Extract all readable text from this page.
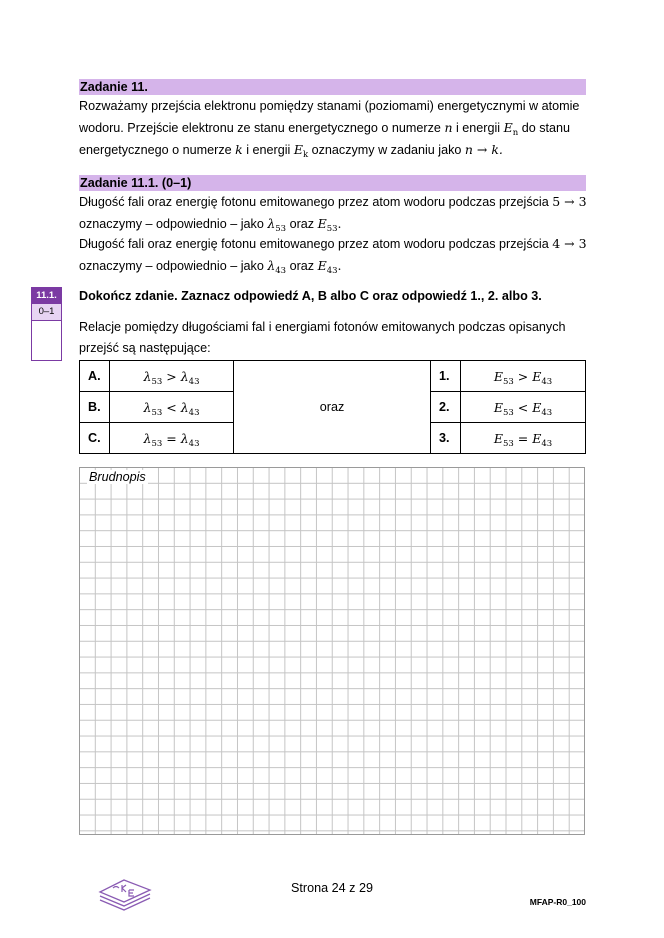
Zadanie 11.
Rozważamy przejścia elektronu pomiędzy stanami (poziomami) energetycznymi w atomie
wodoru. Przejście elektronu ze stanu energetycznego o numerze n i energii $E_n$ do stanu
energetycznego o numerze k i energii $E_k$ oznaczymy w zadaniu jako n → k.
Zadanie 11.1. (0–1)
Długość fali oraz energię fotonu emitowanego przez atom wodoru podczas przejścia 5 → 3
oznaczymy – odpowiednio – jako $\lambda_{53}$ oraz $E_{53}$.
Długość fali oraz energię fotonu emitowanego przez atom wodoru podczas przejścia 4 → 3
oznaczymy – odpowiednio – jako $\lambda_{43}$ oraz $E_{43}$.
11.1.
0–1
Dokończ zdanie. Zaznacz odpowiedź A, B albo C oraz odpowiedź 1., 2. albo 3.
Relacje pomiędzy długościami fal i energiami fotonów emitowanych podczas opisanych
przejść są następujące:
A.	$\lambda_{53} > \lambda_{43}$	oraz	1.	$E_{53} > E_{43}$
B.	$\lambda_{53} < \lambda_{43}$		2.	$E_{53} < E_{43}$
C.	$\lambda_{53} = \lambda_{43}$		3.	$E_{53} = E_{43}$
Brudnopis
Strona 24 z 29
MFAP-R0_100
